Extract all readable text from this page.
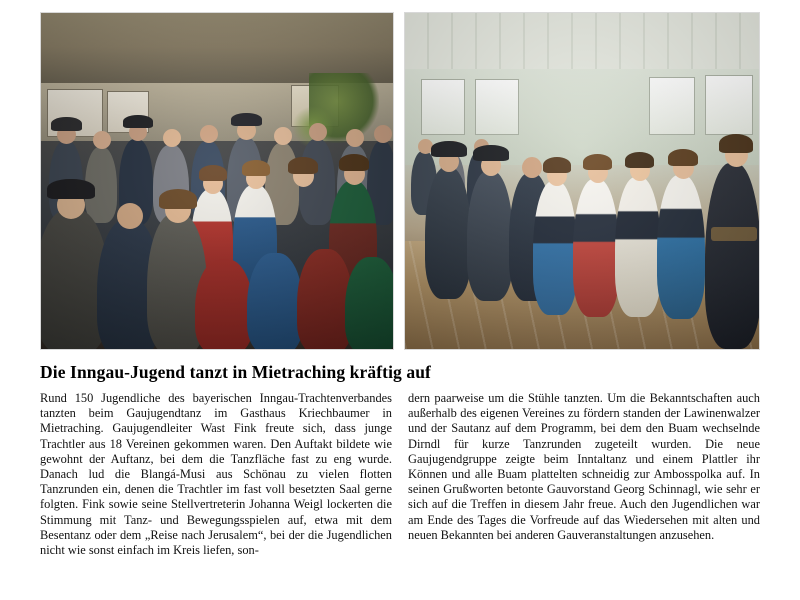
Die Inngau-Jugend tanzt in Mietraching kräftig auf

Rund 150 Jugendliche des bayerischen Inngau-Trachtenverbandes tanzten beim Gaujugendtanz im Gasthaus Kriechbaumer in Mietraching. Gaujugendleiter Wast Fink freute sich, dass junge Trachtler aus 18 Vereinen gekommen waren. Den Auftakt bildete wie gewohnt der Auftanz, bei dem die Tanzfläche fast zu eng wurde. Danach lud die Blangá-Musi aus Schönau zu vielen flotten Tanzrunden ein, denen die Trachtler im fast voll besetzten Saal gerne folgten. Fink sowie seine Stellvertreterin Johanna Weigl lockerten die Stimmung mit Tanz- und Bewegungsspielen auf, etwa mit dem Besentanz oder dem „Reise nach Jerusalem“, bei der die Jugendlichen nicht wie sonst einfach im Kreis liefen, son-

dern paarweise um die Stühle tanzten. Um die Bekanntschaften auch außerhalb des eigenen Vereines zu fördern standen der Lawinenwalzer und der Sautanz auf dem Programm, bei dem den Buam wechselnde Dirndl für kurze Tanzrunden zugeteilt wurden. Die neue Gaujugendgruppe zeigte beim Inntaltanz und einem Plattler ihr Können und alle Buam plattelten schneidig zur Ambosspolka auf. In seinen Grußworten betonte Gauvorstand Georg Schinnagl, wie sehr er sich auf die Treffen in diesem Jahr freue. Auch den Jugendlichen war am Ende des Tages die Vorfreude auf das Wiedersehen mit alten und neuen Bekannten bei anderen Gauveranstaltungen anzusehen.
